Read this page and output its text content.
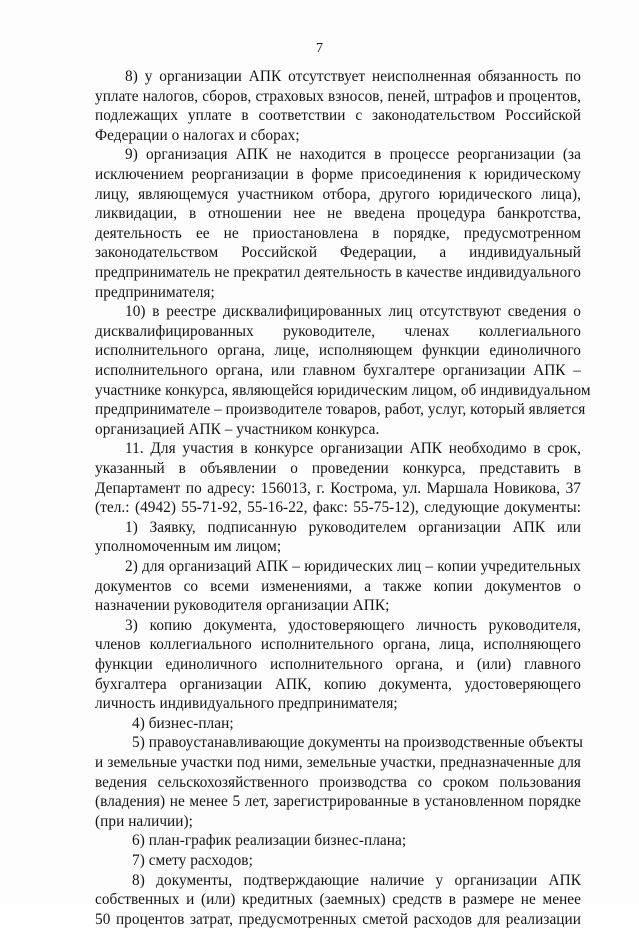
7
8) у организации АПК отсутствует неисполненная обязанность по
уплате налогов, сборов, страховых взносов, пеней, штрафов и процентов,
подлежащих уплате в соответствии с законодательством Российской
Федерации о налогах и сборах;
9) организация АПК не находится в процессе реорганизации (за
исключением реорганизации в форме присоединения к юридическому
лицу, являющемуся участником отбора, другого юридического лица),
ликвидации, в отношении нее не введена процедура банкротства,
деятельность ее не приостановлена в порядке, предусмотренном
законодательством Российской Федерации, а индивидуальный
предприниматель не прекратил деятельность в качестве индивидуального
предпринимателя;
10) в реестре дисквалифицированных лиц отсутствуют сведения о
дисквалифицированных руководителе, членах коллегиального
исполнительного органа, лице, исполняющем функции единоличного
исполнительного органа, или главном бухгалтере организации АПК –
участнике конкурса, являющейся юридическим лицом, об индивидуальном
предпринимателе – производителе товаров, работ, услуг, который является
организацией АПК – участником конкурса.
11. Для участия в конкурсе организации АПК необходимо в срок,
указанный в объявлении о проведении конкурса, представить в
Департамент по адресу: 156013, г. Кострома, ул. Маршала Новикова, 37
(тел.: (4942) 55-71-92, 55-16-22, факс: 55-75-12), следующие документы:
1) Заявку, подписанную руководителем организации АПК или
уполномоченным им лицом;
2) для организаций АПК – юридических лиц – копии учредительных
документов со всеми изменениями, а также копии документов о
назначении руководителя организации АПК;
3) копию документа, удостоверяющего личность руководителя,
членов коллегиального исполнительного органа, лица, исполняющего
функции единоличного исполнительного органа, и (или) главного
бухгалтера организации АПК, копию документа, удостоверяющего
личность индивидуального предпринимателя;
4) бизнес-план;
5) правоустанавливающие документы на производственные объекты
и земельные участки под ними, земельные участки, предназначенные для
ведения сельскохозяйственного производства со сроком пользования
(владения) не менее 5 лет, зарегистрированные в установленном порядке
(при наличии);
6) план-график реализации бизнес-плана;
7) смету расходов;
8) документы, подтверждающие наличие у организации АПК
собственных и (или) кредитных (заемных) средств в размере не менее
50 процентов затрат, предусмотренных сметой расходов для реализации
